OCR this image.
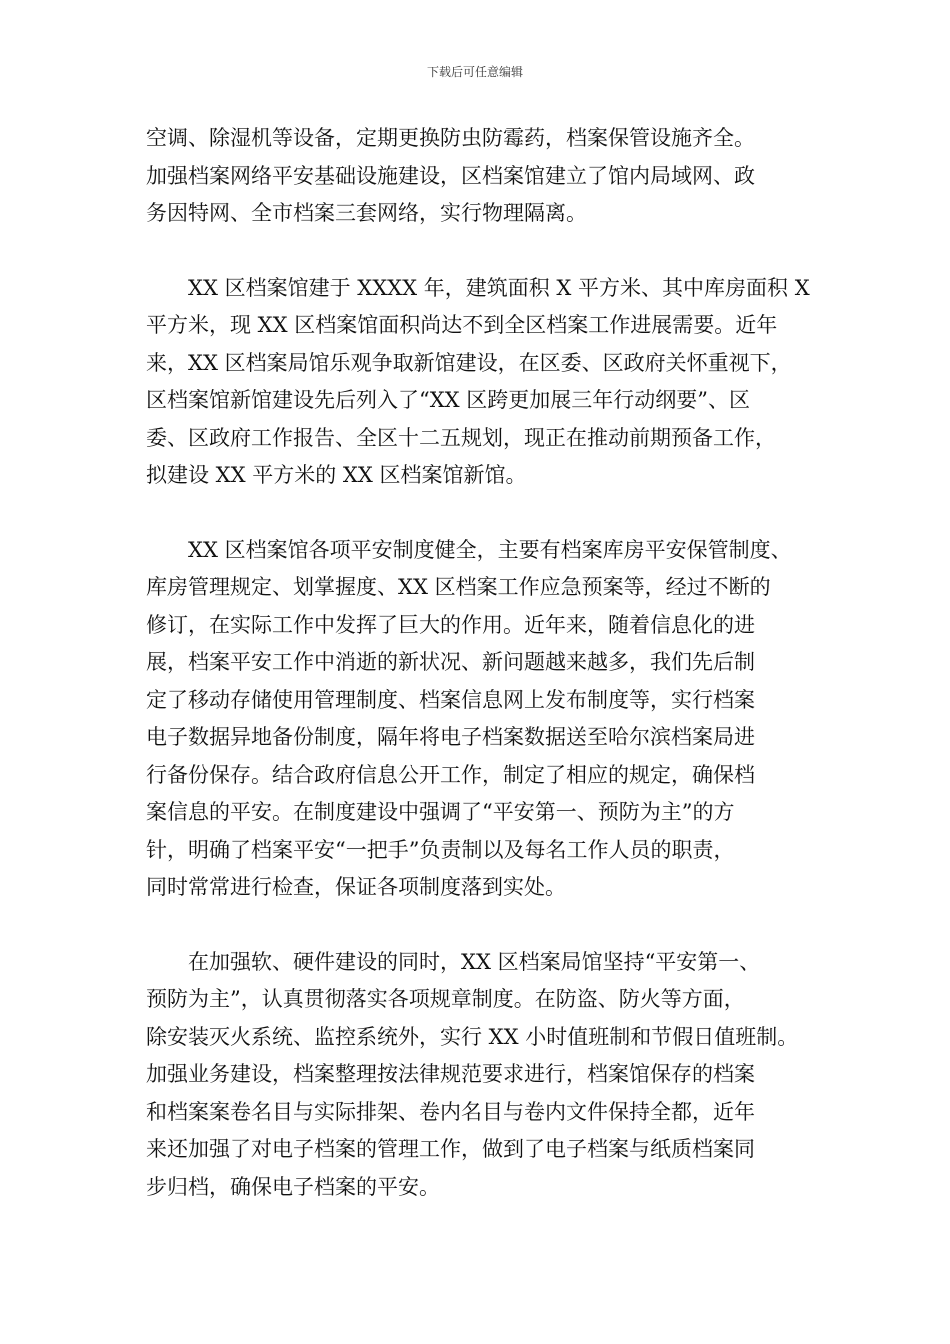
下载后可任意编辑

空调、除湿机等设备，定期更换防虫防霉药，档案保管设施齐全。
加强档案网络平安基础设施建设，区档案馆建立了馆内局域网、政
务因特网、全市档案三套网络，实行物理隔离。

XX 区档案馆建于 XXXX 年，建筑面积 X 平方米、其中库房面积 X
平方米，现 XX 区档案馆面积尚达不到全区档案工作进展需要。近年
来，XX 区档案局馆乐观争取新馆建设，在区委、区政府关怀重视下，
区档案馆新馆建设先后列入了“XX 区跨更加展三年行动纲要”、区
委、区政府工作报告、全区十二五规划，现正在推动前期预备工作，
拟建设 XX 平方米的 XX 区档案馆新馆。

XX 区档案馆各项平安制度健全，主要有档案库房平安保管制度、
库房管理规定、划掌握度、XX 区档案工作应急预案等，经过不断的
修订，在实际工作中发挥了巨大的作用。近年来，随着信息化的进
展，档案平安工作中消逝的新状况、新问题越来越多，我们先后制
定了移动存储使用管理制度、档案信息网上发布制度等，实行档案
电子数据异地备份制度，隔年将电子档案数据送至哈尔滨档案局进
行备份保存。结合政府信息公开工作，制定了相应的规定，确保档
案信息的平安。在制度建设中强调了“平安第一、预防为主”的方
针，明确了档案平安“一把手”负责制以及每名工作人员的职责，
同时常常进行检查，保证各项制度落到实处。

在加强软、硬件建设的同时，XX 区档案局馆坚持“平安第一、
预防为主”，认真贯彻落实各项规章制度。在防盗、防火等方面，
除安装灭火系统、监控系统外，实行 XX 小时值班制和节假日值班制。
加强业务建设，档案整理按法律规范要求进行，档案馆保存的档案
和档案案卷名目与实际排架、卷内名目与卷内文件保持全都，近年
来还加强了对电子档案的管理工作，做到了电子档案与纸质档案同
步归档，确保电子档案的平安。
